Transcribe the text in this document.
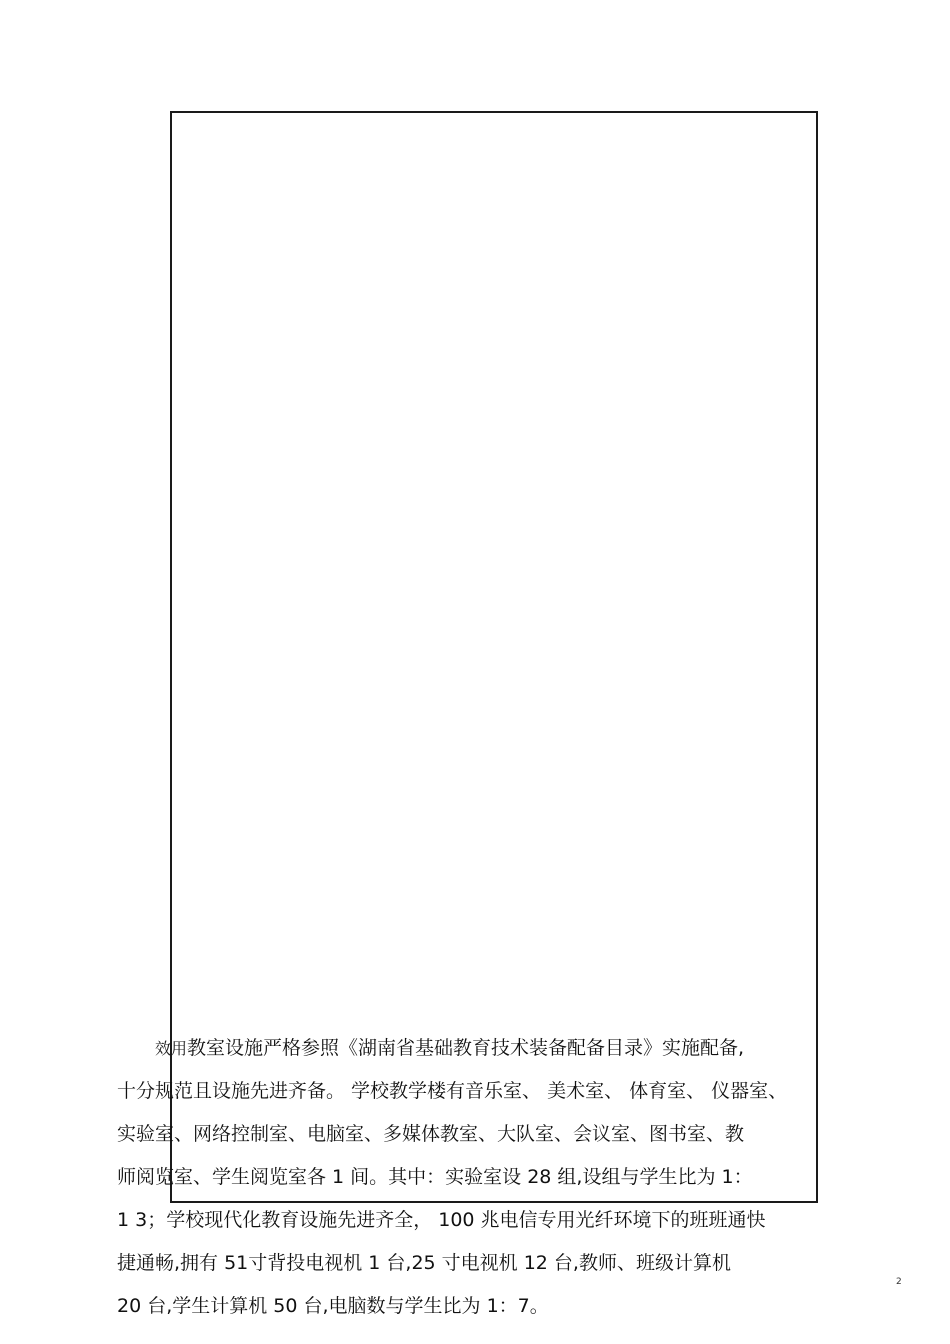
效用教室设施严格参照《湖南省基础教育技术装备配备目录》实施配备,
十分规范且设施先进齐备。 学校教学楼有音乐室、 美术室、 体育室、 仪器室、
实验室、网络控制室、电脑室、多媒体教室、大队室、会议室、图书室、教
师阅览室、学生阅览室各 1 间。其中：实验室设 28 组,设组与学生比为 1：
1 3；学校现代化教育设施先进齐全， 100 兆电信专用光纤环境下的班班通快
捷通畅,拥有 51寸背投电视机 1 台,25 寸电视机 12 台,教师、班级计算机
20 台,学生计算机 50 台,电脑数与学生比为 1：7。
2
